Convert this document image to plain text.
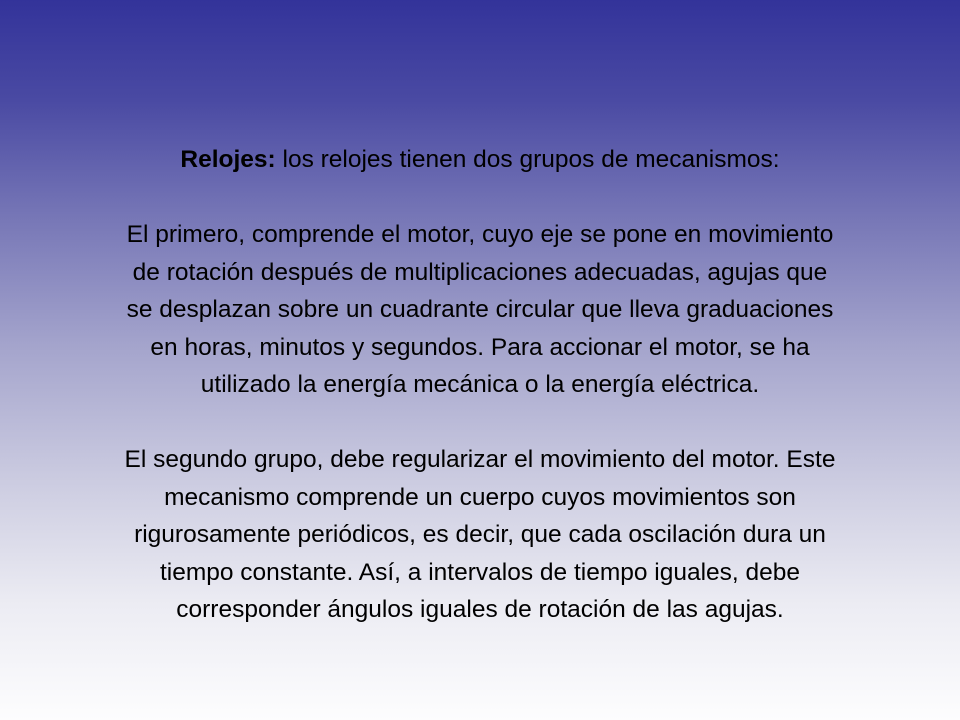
Relojes: los relojes tienen dos grupos de mecanismos:

El primero, comprende el motor, cuyo eje se pone en movimiento
de rotación después de multiplicaciones adecuadas, agujas que
se desplazan sobre un cuadrante circular que lleva graduaciones
en horas, minutos y segundos. Para accionar el motor, se ha
utilizado la energía mecánica o la energía eléctrica.

El segundo grupo, debe regularizar el movimiento del motor. Este
mecanismo comprende un cuerpo cuyos movimientos son
rigurosamente periódicos, es decir, que cada oscilación dura un
tiempo constante. Así, a intervalos de tiempo iguales, debe
corresponder ángulos iguales de rotación de las agujas.
